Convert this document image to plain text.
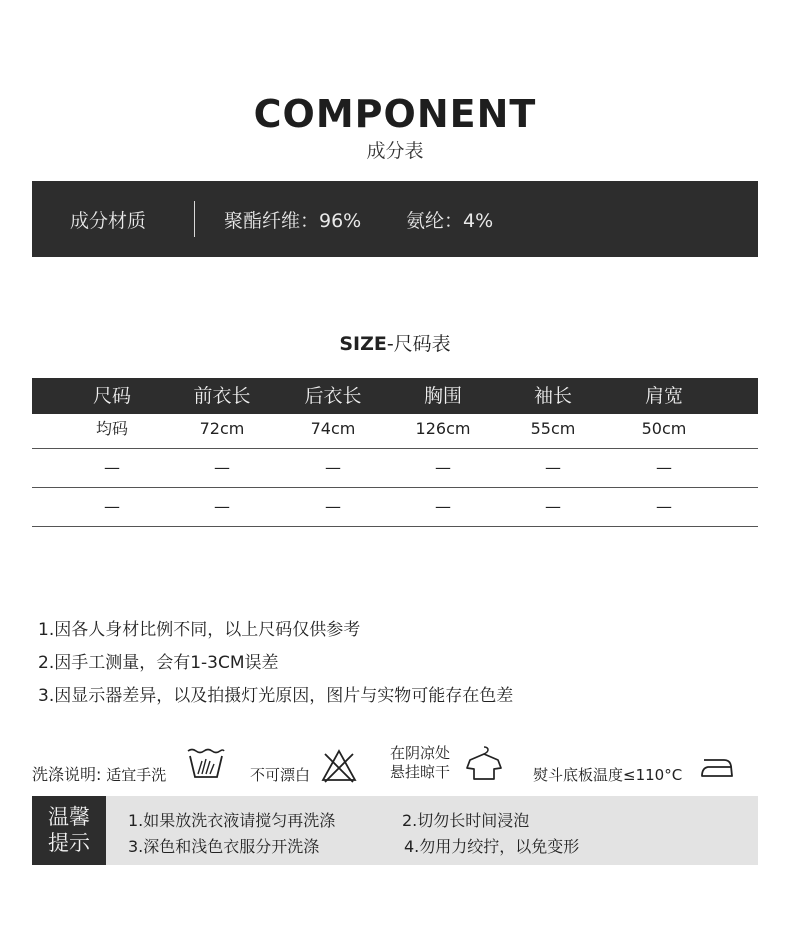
COMPONENT
成分表
成分材质	聚酯纤维：96% 氨纶：4%
SIZE-尺码表
尺码	前衣长	后衣长	胸围	袖长	肩宽
均码	72cm	74cm	126cm	55cm	50cm
—	—	—	—	—	—
—	—	—	—	—	—
1.因各人身材比例不同，以上尺码仅供参考
2.因手工测量，会有1-3CM误差
3.因显示器差异，以及拍摄灯光原因，图片与实物可能存在色差
洗涤说明: 适宜手洗	不可漂白
在阴凉处
悬挂晾干	熨斗底板温度≤110°C
温馨
提示
1.如果放洗衣液请搅匀再洗涤	2.切勿长时间浸泡
3.深色和浅色衣服分开洗涤	4.勿用力绞拧，以免变形
